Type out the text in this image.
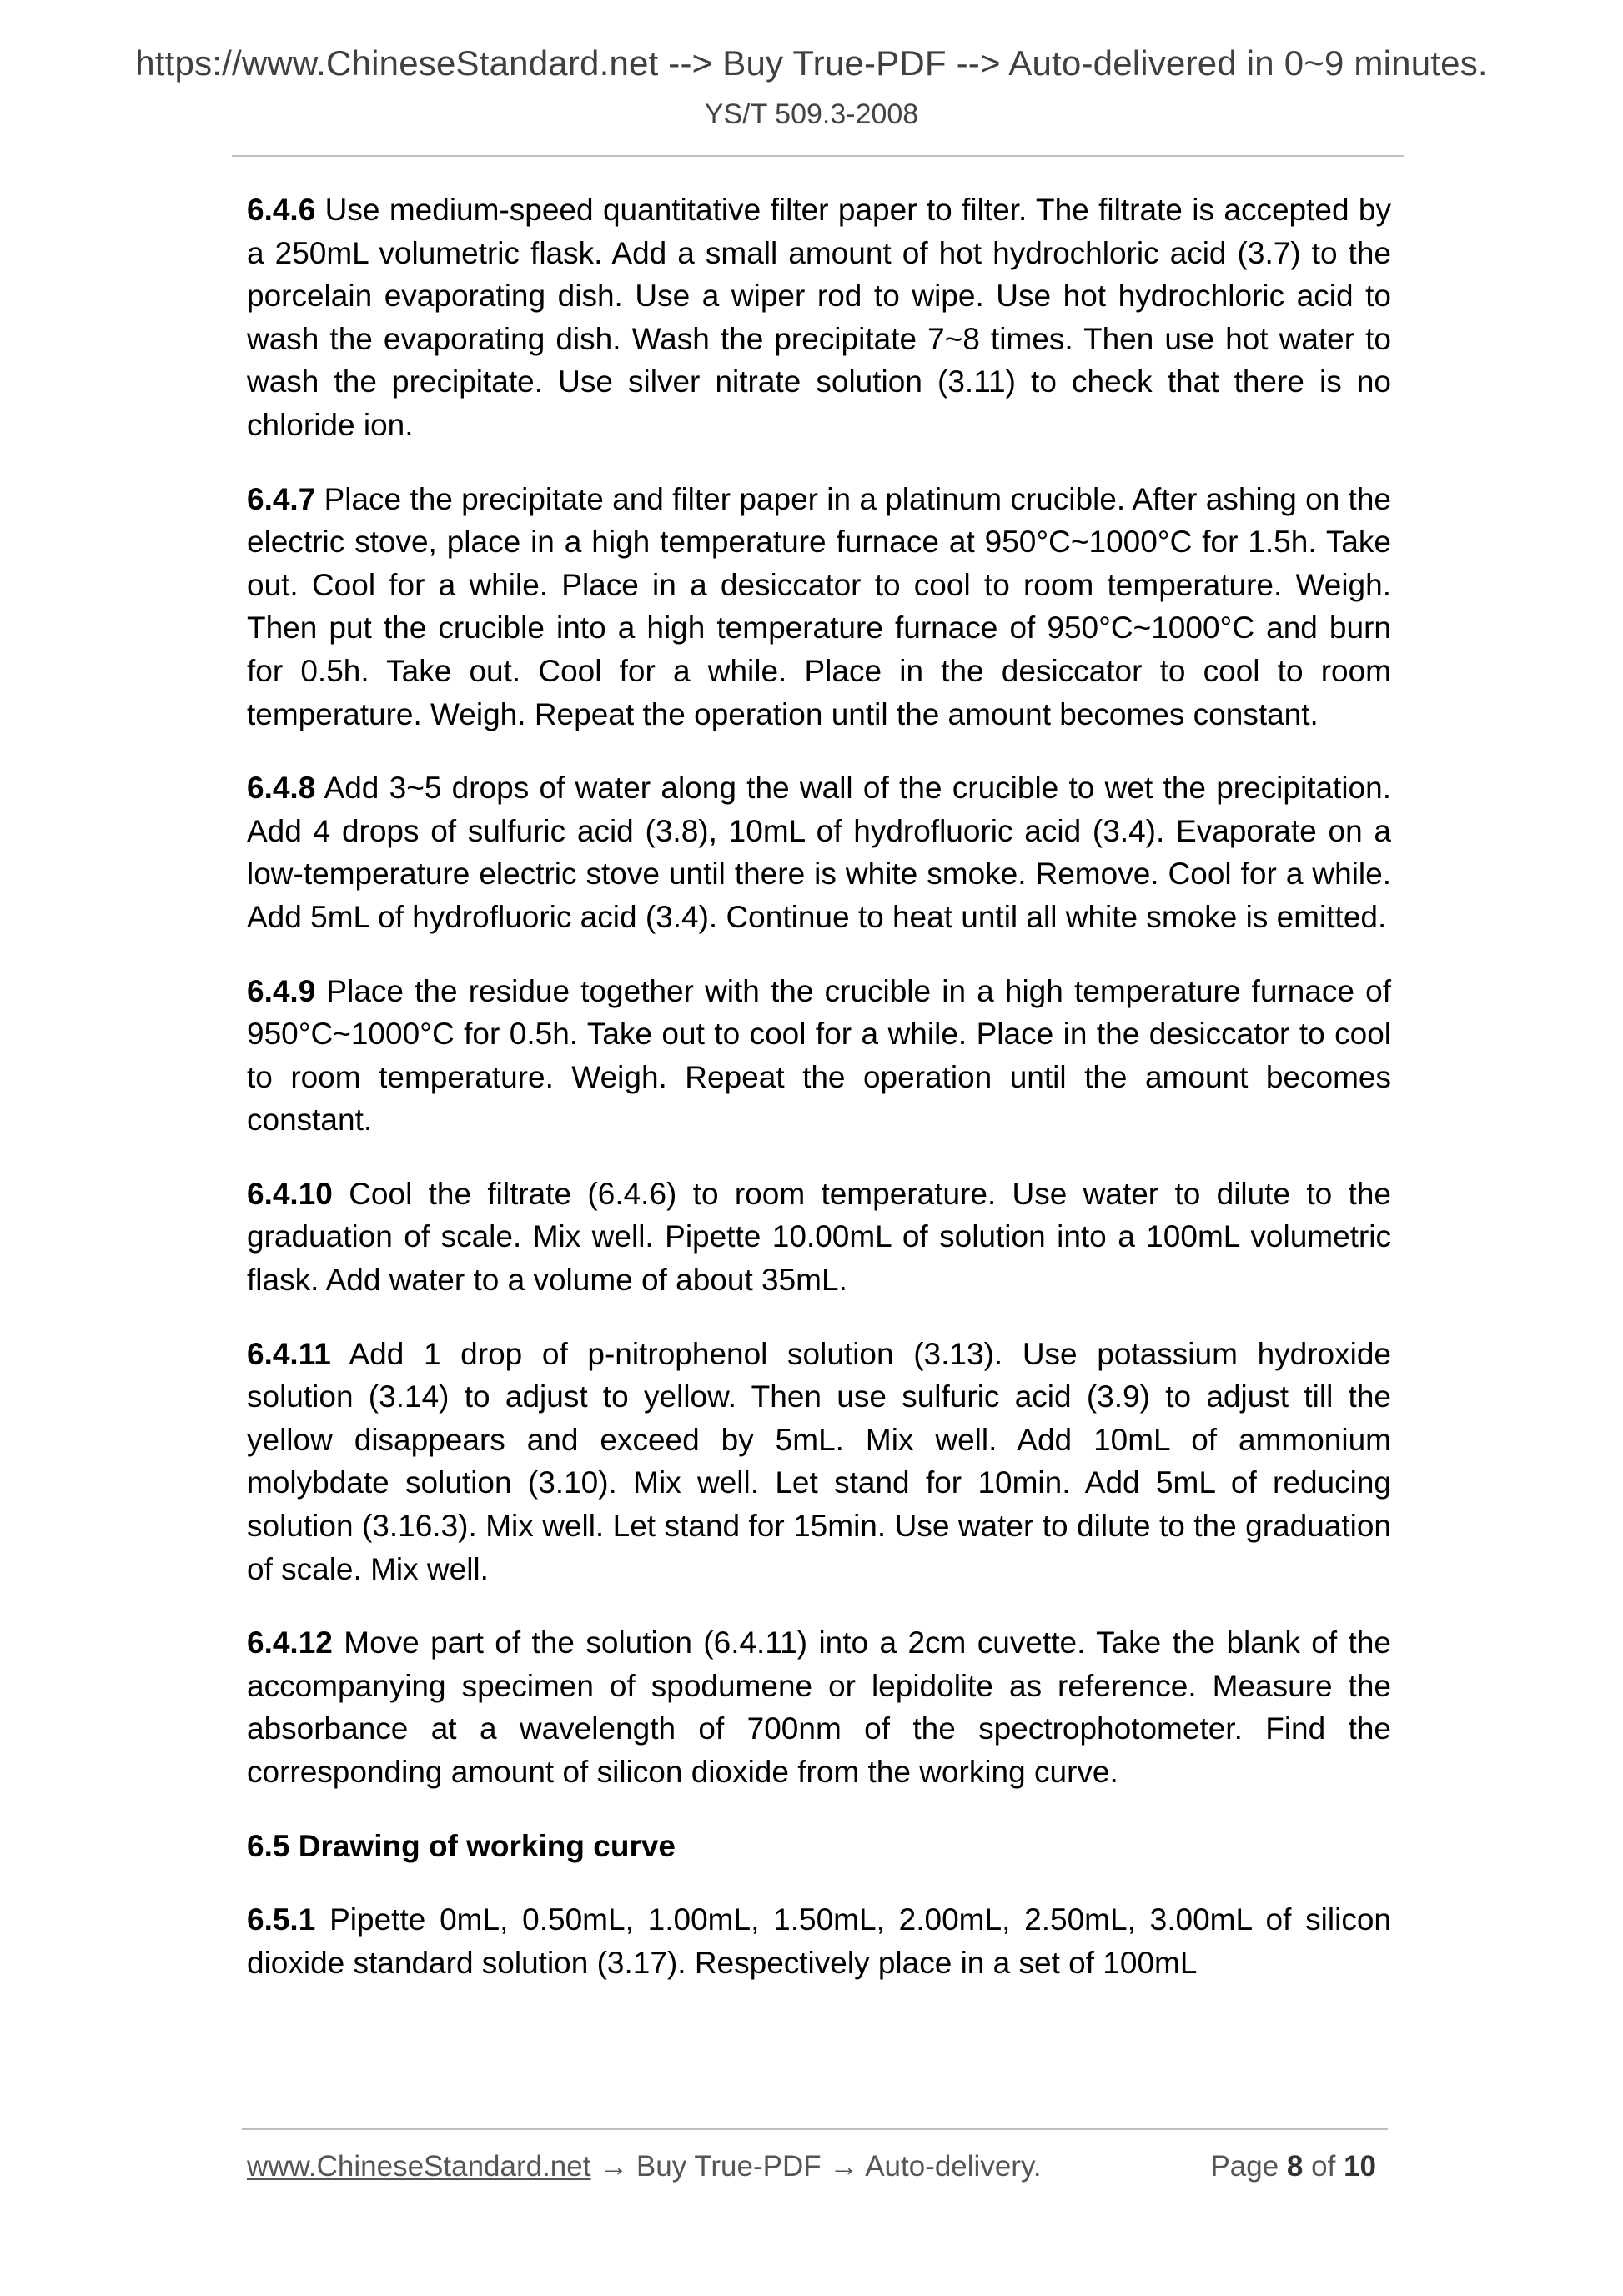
https://www.ChineseStandard.net --> Buy True-PDF --> Auto-delivered in 0~9 minutes.
YS/T 509.3-2008

6.4.6 Use medium-speed quantitative filter paper to filter. The filtrate is accepted by a 250mL volumetric flask. Add a small amount of hot hydrochloric acid (3.7) to the porcelain evaporating dish. Use a wiper rod to wipe. Use hot hydrochloric acid to wash the evaporating dish. Wash the precipitate 7~8 times. Then use hot water to wash the precipitate. Use silver nitrate solution (3.11) to check that there is no chloride ion.

6.4.7 Place the precipitate and filter paper in a platinum crucible. After ashing on the electric stove, place in a high temperature furnace at 950°C~1000°C for 1.5h. Take out. Cool for a while. Place in a desiccator to cool to room temperature. Weigh. Then put the crucible into a high temperature furnace of 950°C~1000°C and burn for 0.5h. Take out. Cool for a while. Place in the desiccator to cool to room temperature. Weigh. Repeat the operation until the amount becomes constant.

6.4.8 Add 3~5 drops of water along the wall of the crucible to wet the precipitation. Add 4 drops of sulfuric acid (3.8), 10mL of hydrofluoric acid (3.4). Evaporate on a low-temperature electric stove until there is white smoke. Remove. Cool for a while. Add 5mL of hydrofluoric acid (3.4). Continue to heat until all white smoke is emitted.

6.4.9 Place the residue together with the crucible in a high temperature furnace of 950°C~1000°C for 0.5h. Take out to cool for a while. Place in the desiccator to cool to room temperature. Weigh. Repeat the operation until the amount becomes constant.

6.4.10 Cool the filtrate (6.4.6) to room temperature. Use water to dilute to the graduation of scale. Mix well. Pipette 10.00mL of solution into a 100mL volumetric flask. Add water to a volume of about 35mL.

6.4.11 Add 1 drop of p-nitrophenol solution (3.13). Use potassium hydroxide solution (3.14) to adjust to yellow. Then use sulfuric acid (3.9) to adjust till the yellow disappears and exceed by 5mL. Mix well. Add 10mL of ammonium molybdate solution (3.10). Mix well. Let stand for 10min. Add 5mL of reducing solution (3.16.3). Mix well. Let stand for 15min. Use water to dilute to the graduation of scale. Mix well.

6.4.12 Move part of the solution (6.4.11) into a 2cm cuvette. Take the blank of the accompanying specimen of spodumene or lepidolite as reference. Measure the absorbance at a wavelength of 700nm of the spectrophotometer. Find the corresponding amount of silicon dioxide from the working curve.

6.5 Drawing of working curve

6.5.1 Pipette 0mL, 0.50mL, 1.00mL, 1.50mL, 2.00mL, 2.50mL, 3.00mL of silicon dioxide standard solution (3.17). Respectively place in a set of 100mL

www.ChineseStandard.net → Buy True-PDF → Auto-delivery.	Page 8 of 10
